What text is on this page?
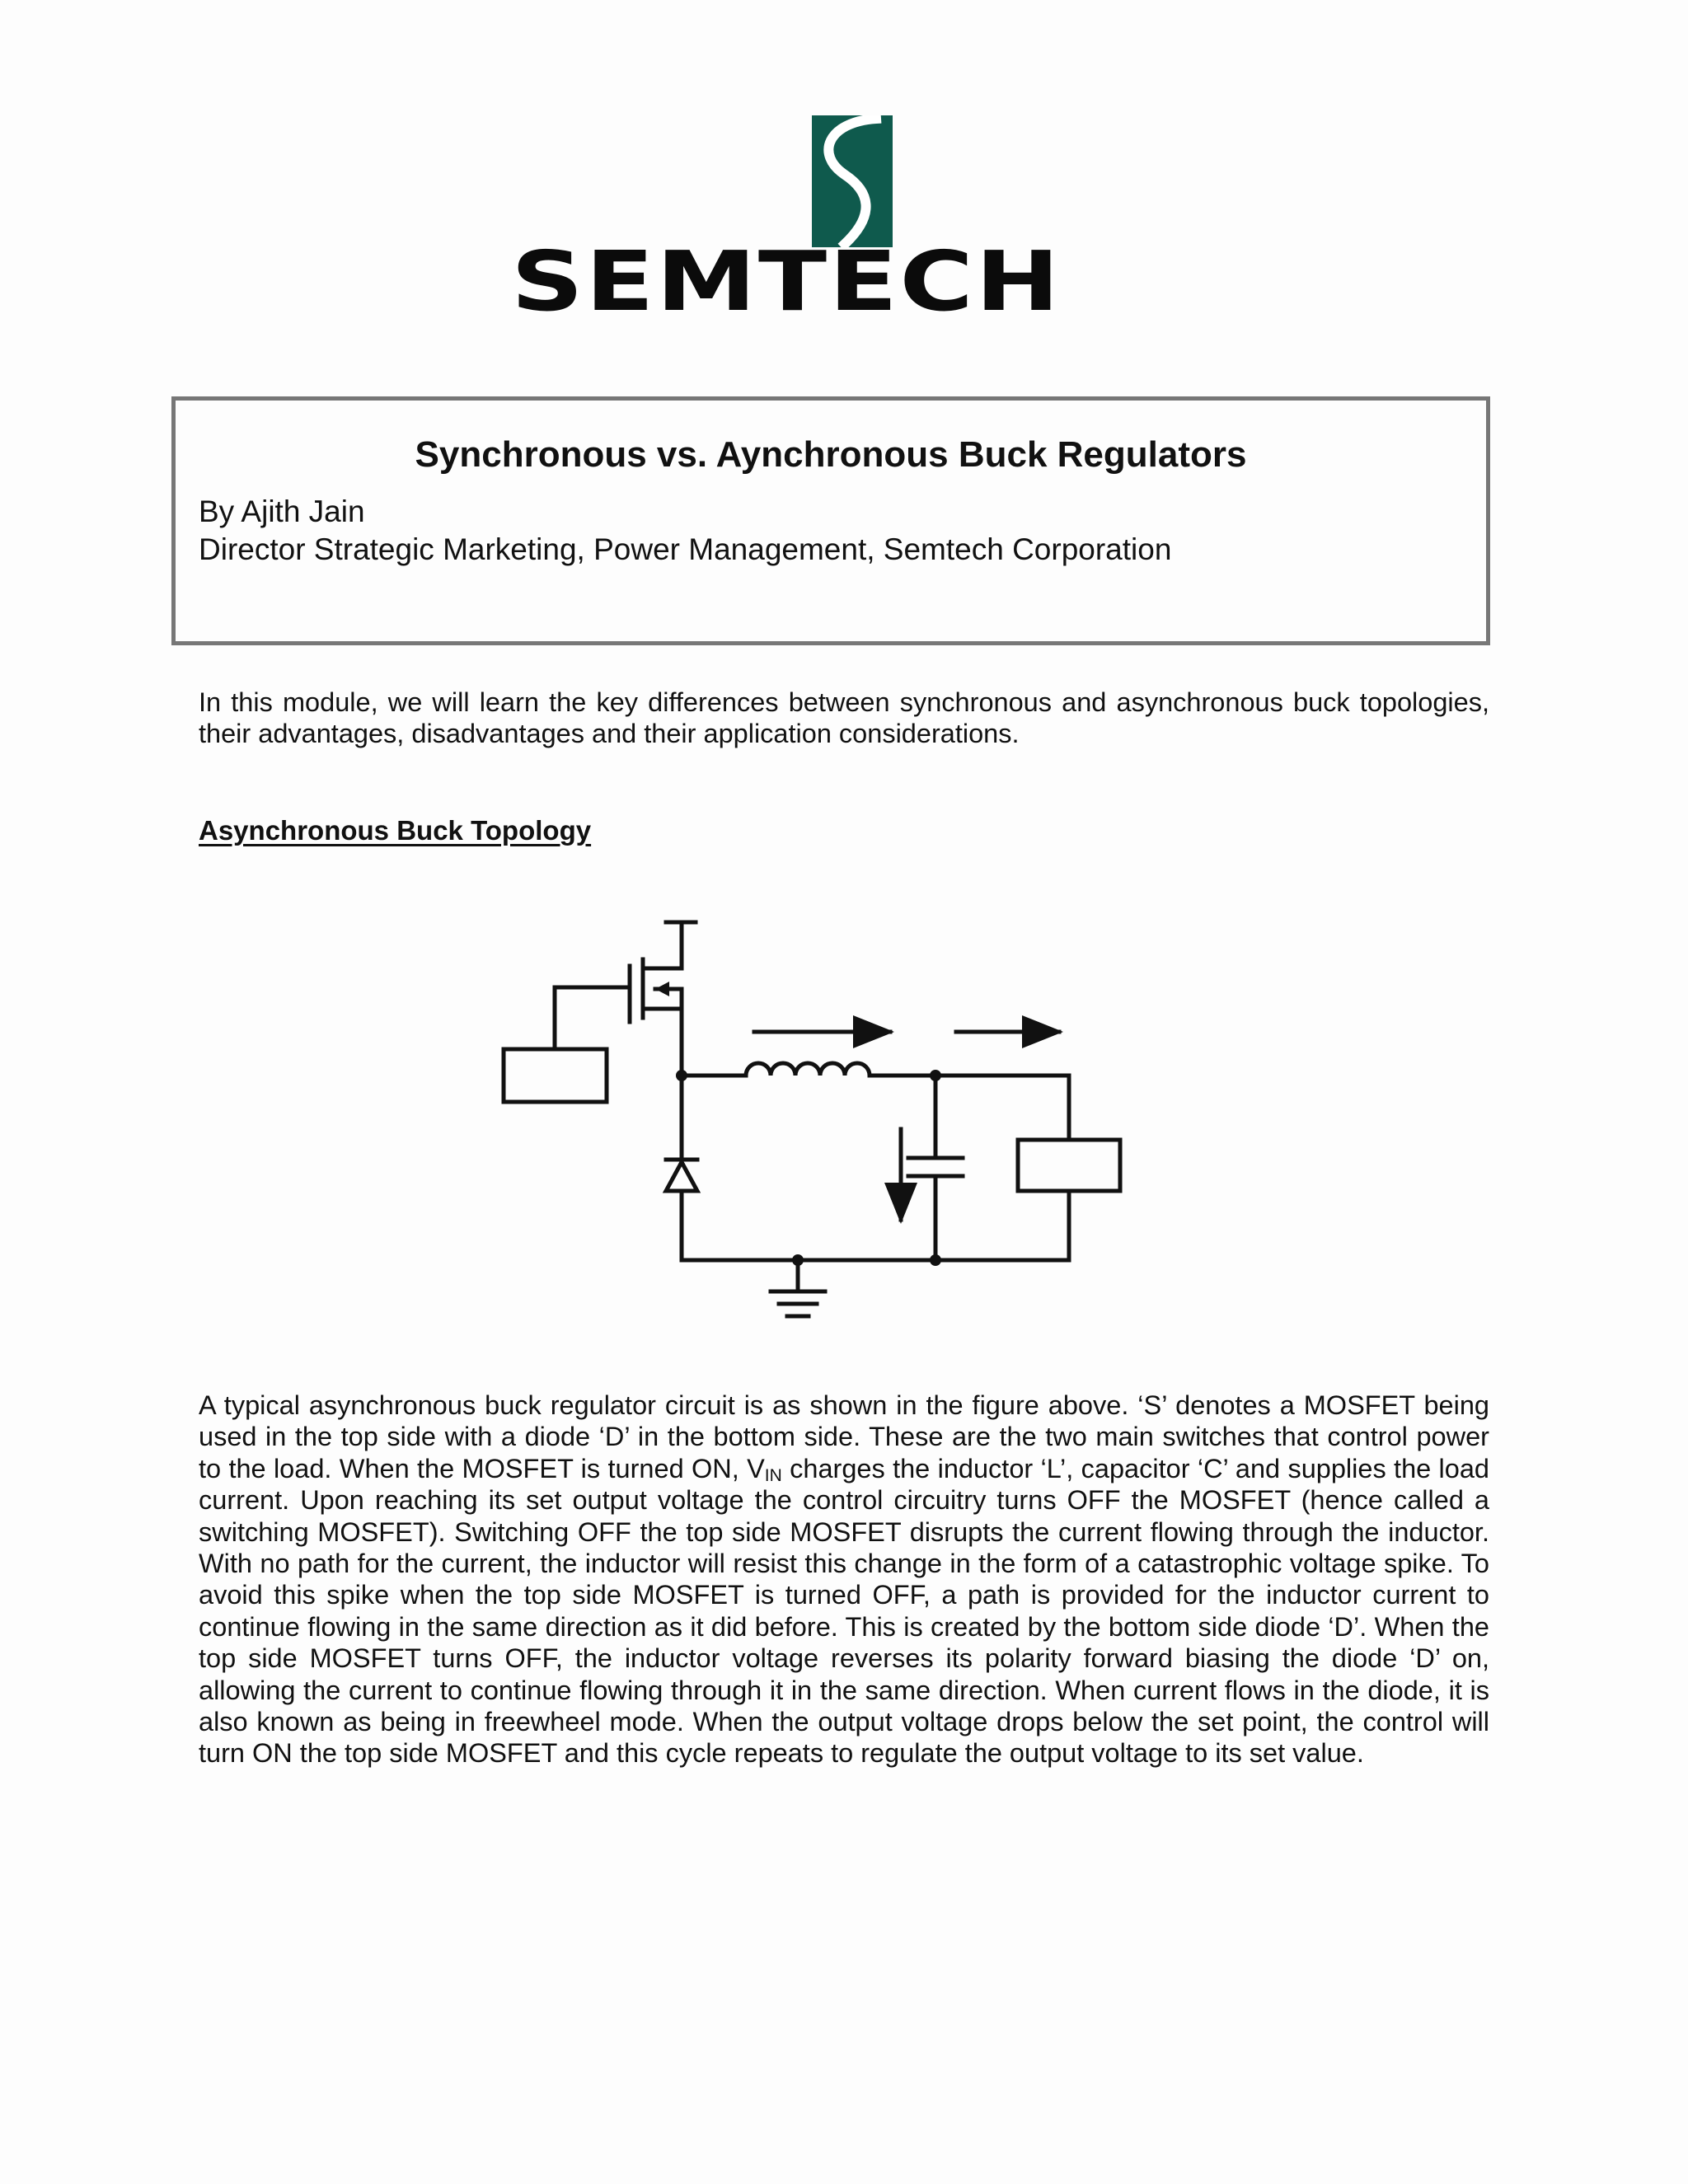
SEMTECH
Synchronous vs. Aynchronous Buck Regulators
By Ajith Jain
Director Strategic Marketing, Power Management, Semtech Corporation
In this module, we will learn the key differences between synchronous and asynchronous buck topologies, their advantages, disadvantages and their application considerations.
Asynchronous Buck Topology
A typical asynchronous buck regulator circuit is as shown in the figure above. ‘S’ denotes a MOSFET being used in the top side with a diode ‘D’ in the bottom side. These are the two main switches that control power to the load. When the MOSFET is turned ON, $V_{IN}$ charges the inductor ‘L’, capacitor ‘C’ and supplies the load current. Upon reaching its set output voltage the control circuitry turns OFF the MOSFET (hence called a switching MOSFET). Switching OFF the top side MOSFET disrupts the current flowing through the inductor. With no path for the current, the inductor will resist this change in the form of a catastrophic voltage spike. To avoid this spike when the top side MOSFET is turned OFF, a path is provided for the inductor current to continue flowing in the same direction as it did before. This is created by the bottom side diode ‘D’. When the top side MOSFET turns OFF, the inductor voltage reverses its polarity forward biasing the diode ‘D’ on, allowing the current to continue flowing through it in the same direction. When current flows in the diode, it is also known as being in freewheel mode. When the output voltage drops below the set point, the control will turn ON the top side MOSFET and this cycle repeats to regulate the output voltage to its set value.
